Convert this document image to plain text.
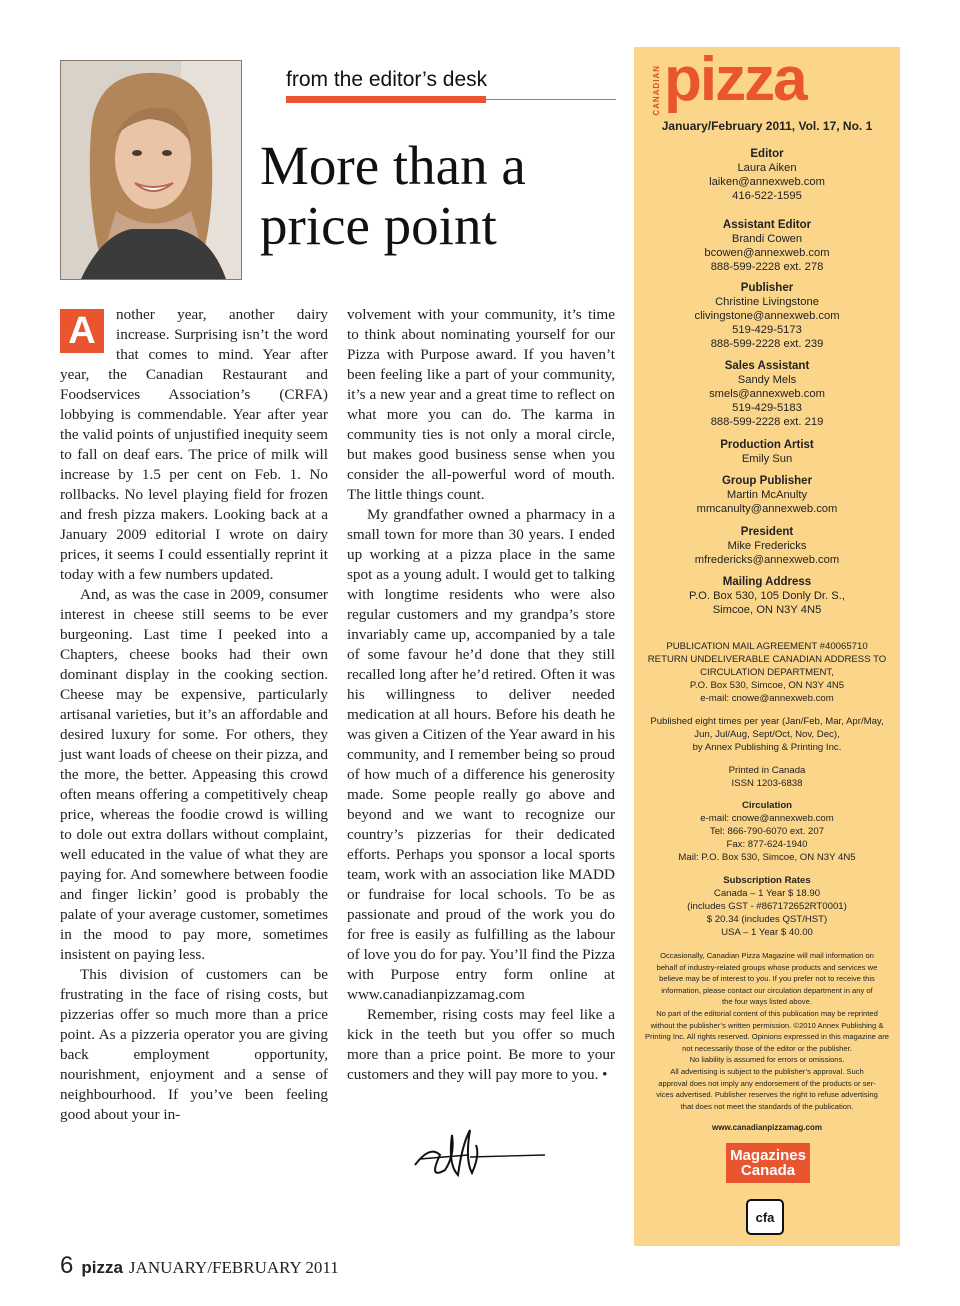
from the editor’s desk
More than a
price point

A	nother year, another dairy increase. Surprising isn’t the word that comes to mind. Year after year, the Canadian Restaurant and Foodservices Association’s (CRFA) lobbying is commendable. Year after year the valid points of unjustified inequity seem to fall on deaf ears. The price of milk will increase by 1.5 per cent on Feb. 1. No rollbacks. No level playing field for frozen and fresh pizza makers. Looking back at a January 2009 editorial I wrote on dairy prices, it seems I could essentially reprint it today with a few numbers updated.

And, as was the case in 2009, consumer interest in cheese still seems to be ever burgeoning. Last time I peeked into a Chapters, cheese books had their own dominant display in the cooking section. Cheese may be expensive, particularly artisanal varieties, but it’s an affordable and desired luxury for some. For others, they just want loads of cheese on their pizza, and the more, the better. Appeasing this crowd often means offering a competitively cheap price, whereas the foodie crowd is willing to dole out extra dollars without complaint, well educated in the value of what they are paying for. And somewhere between foodie and finger lickin’ good is probably the palate of your average customer, sometimes in the mood to pay more, sometimes insistent on paying less.

This division of customers can be frustrating in the face of rising costs, but pizzerias offer so much more than a price point. As a pizzeria operator you are giving back employment opportunity, nourishment, enjoyment and a sense of neighbourhood. If you’ve been feeling good about your in-

volvement with your community, it’s time to think about nominating yourself for our Pizza with Purpose award. If you haven’t been feeling like a part of your community, it’s a new year and a great time to reflect on what more you can do. The karma in community ties is not only a moral circle, but makes good business sense when you consider the all-powerful word of mouth. The little things count.

My grandfather owned a pharmacy in a small town for more than 30 years. I ended up working at a pizza place in the same spot as a young adult. I would get to talking with longtime residents who were also regular customers and my grandpa’s store invariably came up, accompanied by a tale of some favour he’d done that they still recalled long after he’d retired. Often it was his willingness to deliver needed medication at all hours. Before his death he was given a Citizen of the Year award in his community, and I remember being so proud of how much of a difference his generosity made. Some people really go above and beyond and we want to recognize our country’s pizzerias for their dedicated efforts. Perhaps you sponsor a local sports team, work with an association like MADD or fundraise for local schools. To be as passionate and proud of the work you do for free is easily as fulfilling as the labour of love you do for pay. You’ll find the Pizza with Purpose entry form online at www.canadianpizzamag.com

Remember, rising costs may feel like a kick in the teeth but you offer so much more than a price point. Be more to your customers and they will pay more to you. •

6 pizza JANUARY/FEBRUARY 2011
CANADIAN pizza
January/February 2011, Vol. 17, No. 1
Editor
Laura Aiken
laiken@annexweb.com
416-522-1595
Assistant Editor
Brandi Cowen
bcowen@annexweb.com
888-599-2228 ext. 278
Publisher
Christine Livingstone
clivingstone@annexweb.com
519-429-5173
888-599-2228 ext. 239
Sales Assistant
Sandy Mels
smels@annexweb.com
519-429-5183
888-599-2228 ext. 219
Production Artist
Emily Sun
Group Publisher
Martin McAnulty
mmcanulty@annexweb.com
President
Mike Fredericks
mfredericks@annexweb.com
Mailing Address
P.O. Box 530, 105 Donly Dr. S.,
Simcoe, ON N3Y 4N5
PUBLICATION MAIL AGREEMENT #40065710
RETURN UNDELIVERABLE CANADIAN ADDRESS TO
CIRCULATION DEPARTMENT,
P.O. Box 530, Simcoe, ON N3Y 4N5
e-mail: cnowe@annexweb.com
Published eight times per year (Jan/Feb, Mar, Apr/May,
Jun, Jul/Aug, Sept/Oct, Nov, Dec),
by Annex Publishing & Printing Inc.
Printed in Canada
ISSN 1203-6838
Circulation
e-mail: cnowe@annexweb.com
Tel: 866-790-6070 ext. 207
Fax: 877-624-1940
Mail: P.O. Box 530, Simcoe, ON N3Y 4N5
Subscription Rates
Canada – 1 Year $ 18.90
(includes GST - #867172652RT0001)
$ 20.34 (includes QST/HST)
USA – 1 Year $ 40.00
Occasionally, Canadian Pizza Magazine will mail information on
behalf of industry-related groups whose products and services we
believe may be of interest to you. If you prefer not to receive this
information, please contact our circulation department in any of
the four ways listed above.
No part of the editorial content of this publication may be reprinted
without the publisher’s written permission. ©2010 Annex Publishing &
Printing Inc. All rights reserved. Opinions expressed in this magazine are
not necessarily those of the editor or the publisher.
No liability is assumed for errors or omissions.
All advertising is subject to the publisher’s approval. Such
approval does not imply any endorsement of the products or ser-
vices advertised. Publisher reserves the right to refuse advertising
that does not meet the standards of the publication.
www.canadianpizzamag.com
Magazines
Canada
cfa
